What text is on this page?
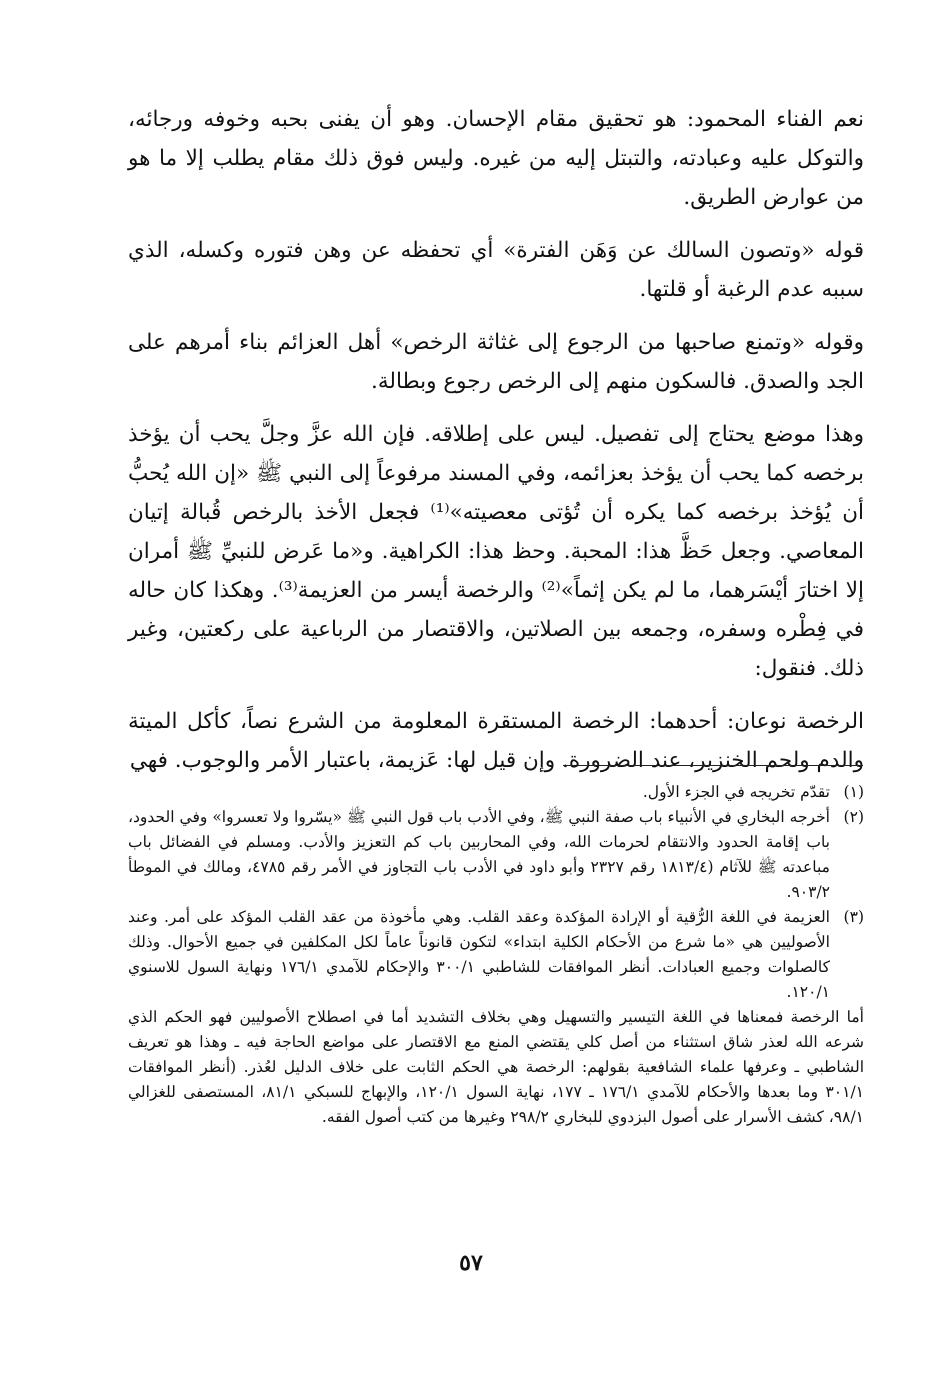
نعم الفناء المحمود: هو تحقيق مقام الإحسان. وهو أن يفنى بحبه وخوفه ورجائه، والتوكل عليه وعبادته، والتبتل إليه من غيره. وليس فوق ذلك مقام يطلب إلا ما هو من عوارض الطريق.

قوله «وتصون السالك عن وَهَن الفترة» أي تحفظه عن وهن فتوره وكسله، الذي سببه عدم الرغبة أو قلتها.

وقوله «وتمنع صاحبها من الرجوع إلى غثاثة الرخص» أهل العزائم بناء أمرهم على الجد والصدق. فالسكون منهم إلى الرخص رجوع وبطالة.

وهذا موضع يحتاج إلى تفصيل. ليس على إطلاقه. فإن الله عزَّ وجلَّ يحب أن يؤخذ برخصه كما يحب أن يؤخذ بعزائمه، وفي المسند مرفوعاً إلى النبي ﷺ «إن الله يُحبُّ أن يُؤخذ برخصه كما يكره أن تُؤتى معصيته»⁽¹⁾ فجعل الأخذ بالرخص قُبالة إتيان المعاصي. وجعل حَظَّ هذا: المحبة. وحظ هذا: الكراهية. و«ما عَرض للنبيِّ ﷺ أمران إلا اختارَ أيْسَرهما، ما لم يكن إثماً»⁽²⁾ والرخصة أيسر من العزيمة⁽³⁾. وهكذا كان حاله في فِطْره وسفره، وجمعه بين الصلاتين، والاقتصار من الرباعية على ركعتين، وغير ذلك. فنقول:

الرخصة نوعان: أحدهما: الرخصة المستقرة المعلومة من الشرع نصاً، كأكل الميتة والدم ولحم الخنزير، عند الضرورة. وإن قيل لها: عَزيمة، باعتبار الأمر والوجوب. فهي

(١)
تقدّم تخريجه في الجزء الأول.

(٢)
أخرجه البخاري في الأنبياء باب صفة النبي ﷺ، وفي الأدب باب قول النبي ﷺ «يسّروا ولا تعسروا» وفي الحدود، باب إقامة الحدود والانتقام لحرمات الله، وفي المحاربين باب كم التعزيز والأدب. ومسلم في الفضائل باب مباعدته ﷺ للآثام (١٨١٣/٤ رقم ٢٣٢٧ وأبو داود في الأدب باب التجاوز في الأمر رقم ٤٧٨٥، ومالك في الموطأ ٩٠٣/٢.

(٣)
العزيمة في اللغة الرُّقية أو الإرادة المؤكدة وعقد القلب. وهي مأخوذة من عقد القلب المؤكد على أمر. وعند الأصوليين هي «ما شرع من الأحكام الكلية ابتداء» لتكون قانوناً عاماً لكل المكلفين في جميع الأحوال. وذلك كالصلوات وجميع العبادات. أنظر الموافقات للشاطبي ٣٠٠/١ والإحكام للآمدي ١٧٦/١ ونهاية السول للاسنوي ١٢٠/١.

أما الرخصة فمعناها في اللغة التيسير والتسهيل وهي بخلاف التشديد أما في اصطلاح الأصوليين فهو الحكم الذي شرعه الله لعذر شاق استثناء من أصل كلي يقتضي المنع مع الاقتصار على مواضع الحاجة فيه ـ وهذا هو تعريف الشاطبي ـ وعرفها علماء الشافعية بقولهم: الرخصة هي الحكم الثابت على خلاف الدليل لعُذر. (أنظر الموافقات ٣٠١/١ وما بعدها والأحكام للآمدي ١٧٦/١ ـ ١٧٧، نهاية السول ١٢٠/١، والإبهاج للسبكي ٨١/١، المستصفى للغزالي ٩٨/١، كشف الأسرار على أصول البزدوي للبخاري ٢٩٨/٢ وغيرها من كتب أصول الفقه.

٥٧
